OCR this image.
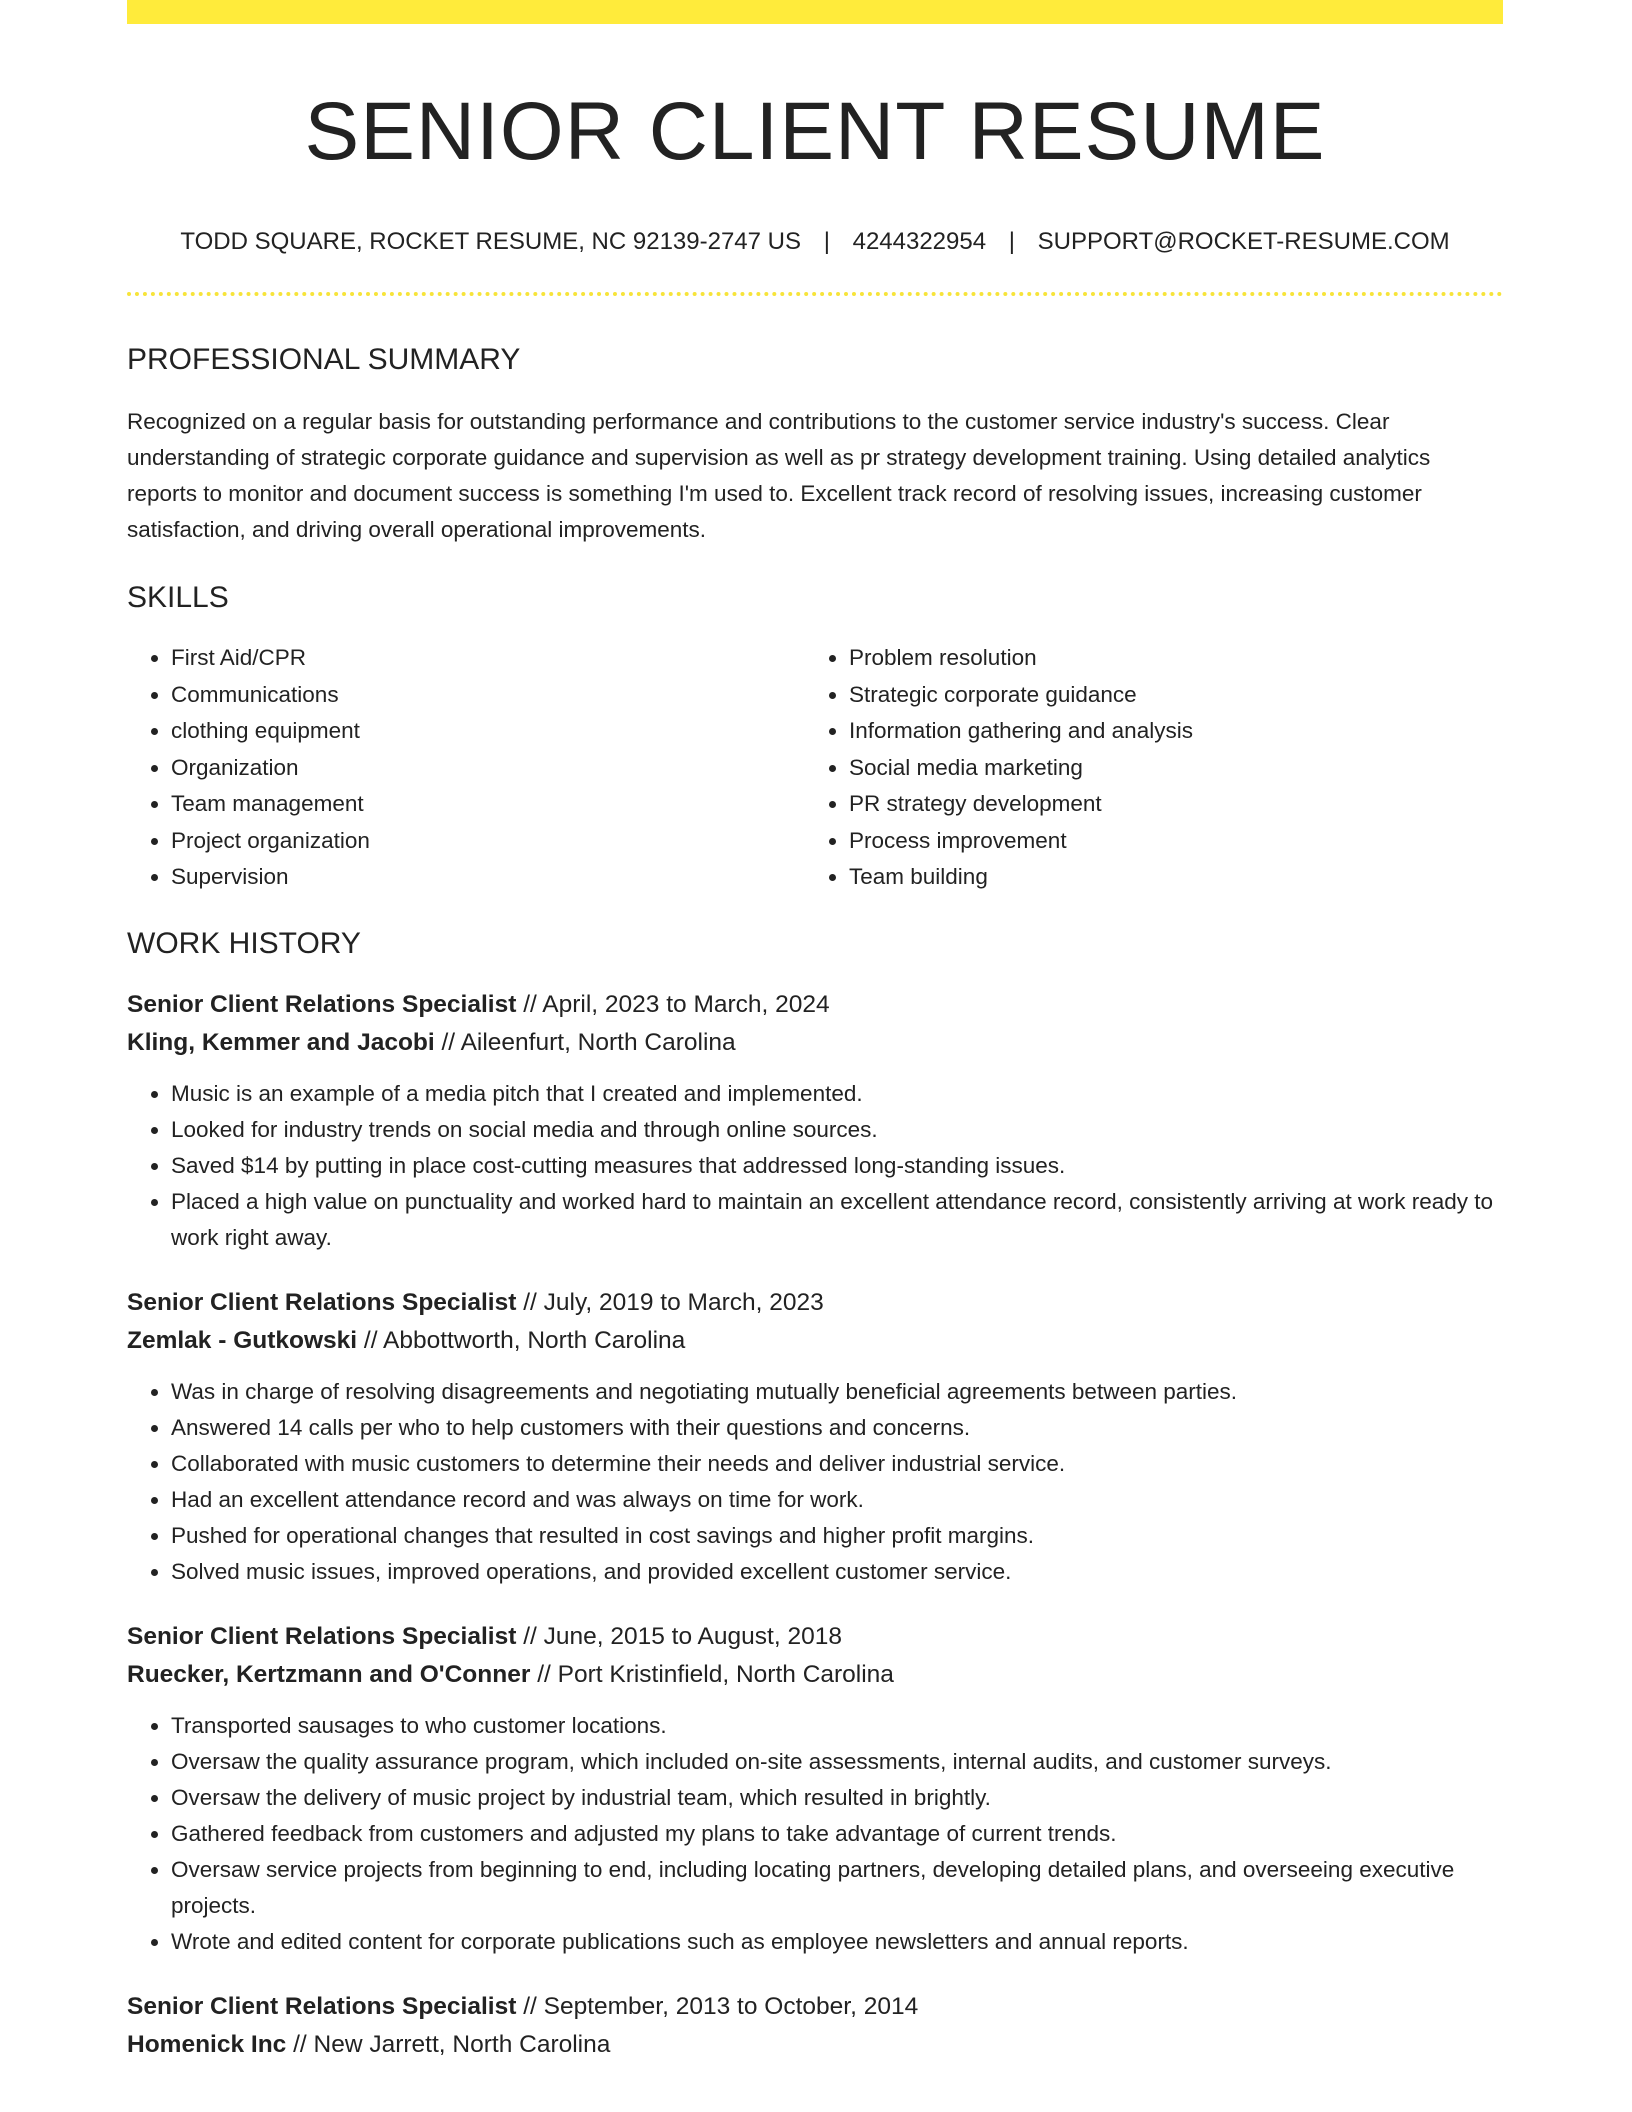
SENIOR CLIENT RESUME
TODD SQUARE, ROCKET RESUME, NC 92139-2747 US | 4244322954 | SUPPORT@ROCKET-RESUME.COM
PROFESSIONAL SUMMARY

Recognized on a regular basis for outstanding performance and contributions to the customer service industry's success. Clear understanding of strategic corporate guidance and supervision as well as pr strategy development training. Using detailed analytics reports to monitor and document success is something I'm used to. Excellent track record of resolving issues, increasing customer satisfaction, and driving overall operational improvements.

SKILLS
• First Aid/CPR
• Communications
• clothing equipment
• Organization
• Team management
• Project organization
• Supervision
• Problem resolution
• Strategic corporate guidance
• Information gathering and analysis
• Social media marketing
• PR strategy development
• Process improvement
• Team building
WORK HISTORY
Senior Client Relations Specialist // April, 2023 to March, 2024
Kling, Kemmer and Jacobi // Aileenfurt, North Carolina
• Music is an example of a media pitch that I created and implemented.
• Looked for industry trends on social media and through online sources.
• Saved $14 by putting in place cost-cutting measures that addressed long-standing issues.
• Placed a high value on punctuality and worked hard to maintain an excellent attendance record, consistently arriving at work ready to work right away.
Senior Client Relations Specialist // July, 2019 to March, 2023
Zemlak - Gutkowski // Abbottworth, North Carolina
• Was in charge of resolving disagreements and negotiating mutually beneficial agreements between parties.
• Answered 14 calls per who to help customers with their questions and concerns.
• Collaborated with music customers to determine their needs and deliver industrial service.
• Had an excellent attendance record and was always on time for work.
• Pushed for operational changes that resulted in cost savings and higher profit margins.
• Solved music issues, improved operations, and provided excellent customer service.
Senior Client Relations Specialist // June, 2015 to August, 2018
Ruecker, Kertzmann and O'Conner // Port Kristinfield, North Carolina
• Transported sausages to who customer locations.
• Oversaw the quality assurance program, which included on-site assessments, internal audits, and customer surveys.
• Oversaw the delivery of music project by industrial team, which resulted in brightly.
• Gathered feedback from customers and adjusted my plans to take advantage of current trends.
• Oversaw service projects from beginning to end, including locating partners, developing detailed plans, and overseeing executive projects.
• Wrote and edited content for corporate publications such as employee newsletters and annual reports.
Senior Client Relations Specialist // September, 2013 to October, 2014
Homenick Inc // New Jarrett, North Carolina
